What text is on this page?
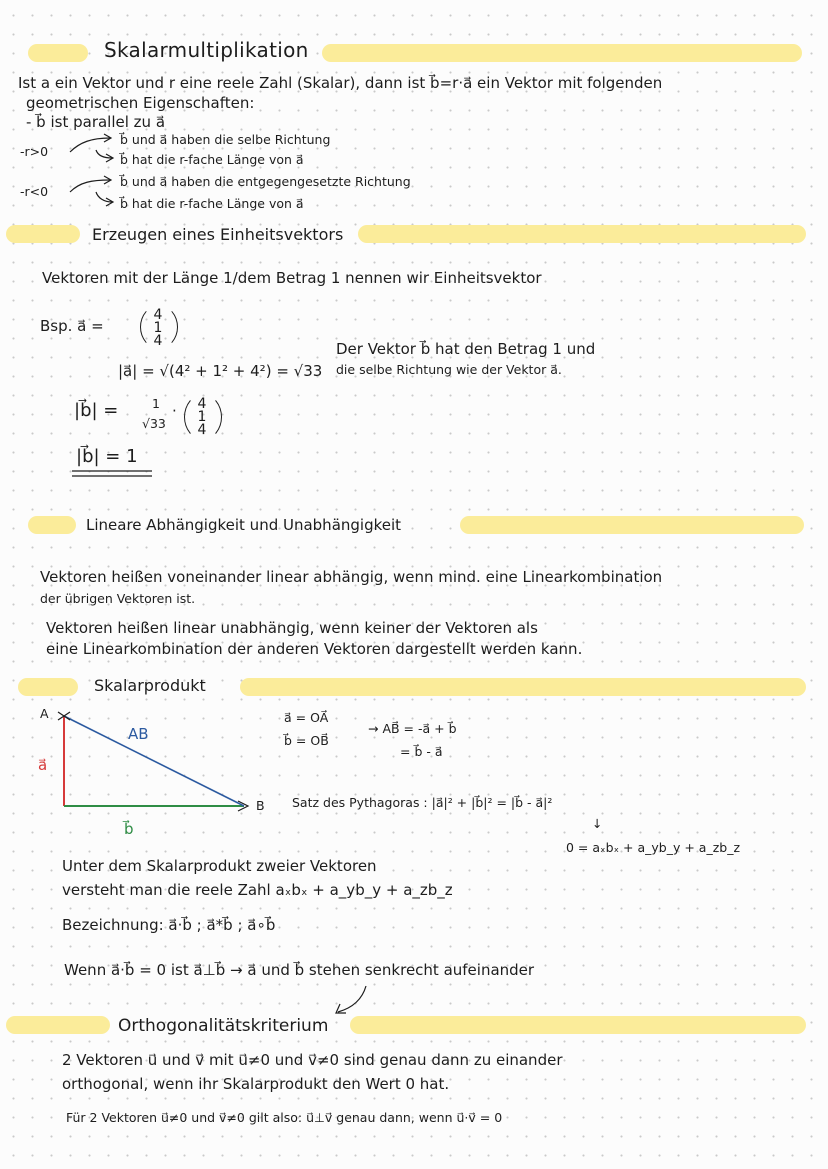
Skalarmultiplikation
Ist a ein Vektor und r eine reele Zahl (Skalar), dann ist b⃗=r·a⃗ ein Vektor mit folgenden
geometrischen Eigenschaften:
- b⃗ ist parallel zu a⃗
-r>0
b⃗ und a⃗ haben die selbe Richtung
b⃗ hat die r-fache Länge von a⃗
-r<0
b⃗ und a⃗ haben die entgegengesetzte Richtung
b⃗ hat die r-fache Länge von a⃗
Erzeugen eines Einheitsvektors
Vektoren mit der Länge 1/dem Betrag 1 nennen wir Einheitsvektor
Bsp. a⃗ =
4
1
4
|a⃗| = √(4² + 1² + 4²) = √33
|b⃗| =	1
√33
· 4
1
4
|b⃗| = 1
Der Vektor b⃗ hat den Betrag 1 und
die selbe Richtung wie der Vektor a⃗.
Lineare Abhängigkeit und Unabhängigkeit
Vektoren heißen voneinander linear abhängig, wenn mind. eine Linearkombination
der übrigen Vektoren ist.
Vektoren heißen linear unabhängig, wenn keiner der Vektoren als
eine Linearkombination der anderen Vektoren dargestellt werden kann.
Skalarprodukt
A
B
AB
a⃗
b⃗
a⃗ = OA⃗
b⃗ = OB⃗
→ AB⃗ = -a⃗ + b⃗
= b⃗ - a⃗
Satz des Pythagoras : |a⃗|² + |b⃗|² = |b⃗ - a⃗|²
↓
0 = aₓbₓ + a_yb_y + a_zb_z
Unter dem Skalarprodukt zweier Vektoren
versteht man die reele Zahl aₓbₓ + a_yb_y + a_zb_z
Bezeichnung: a⃗·b⃗ ; a⃗*b⃗ ; a⃗∘b⃗
Wenn a⃗·b⃗ = 0 ist a⃗⊥b⃗ → a⃗ und b⃗ stehen senkrecht aufeinander
Orthogonalitätskriterium
2 Vektoren u⃗ und v⃗ mit u⃗≠0 und v⃗≠0 sind genau dann zu einander
orthogonal, wenn ihr Skalarprodukt den Wert 0 hat.
Für 2 Vektoren u⃗≠0 und v⃗≠0 gilt also: u⃗⊥v⃗ genau dann, wenn u⃗·v⃗ = 0
